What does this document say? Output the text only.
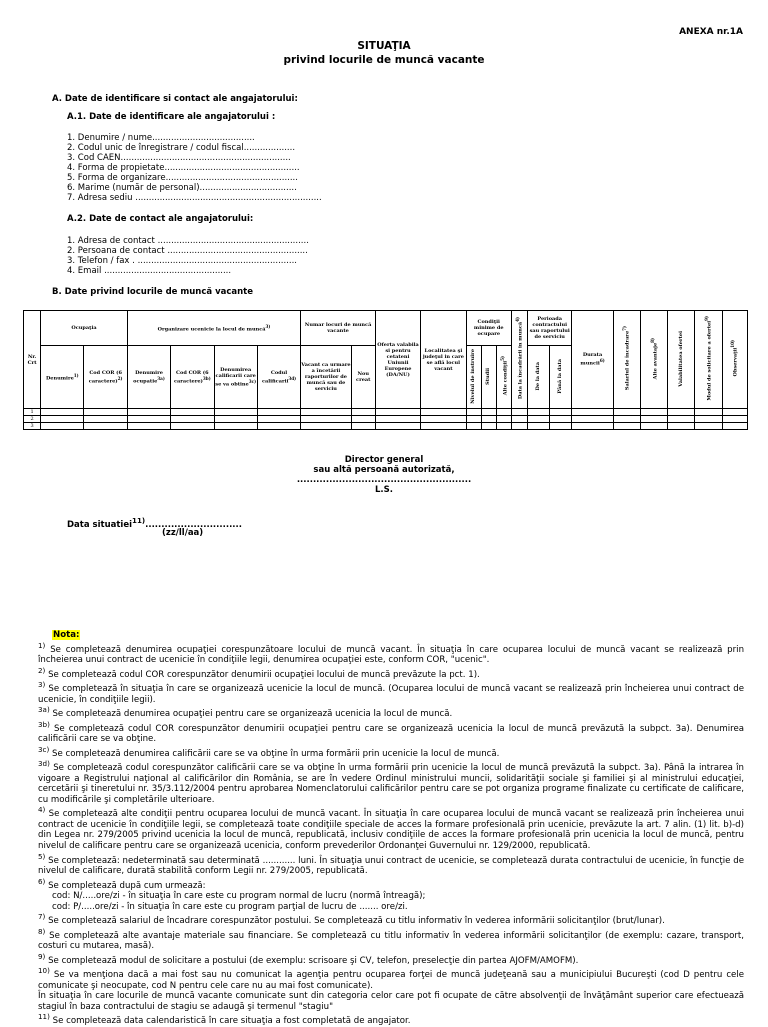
ANEXA nr.1A
SITUAŢIA
privind locurile de muncă vacante
A. Date de identificare si contact ale angajatorului:
A.1. Date de identificare ale angajatorului :
1. Denumire / nume......................................
2. Codul unic de înregistrare / codul fiscal...................
3. Cod CAEN...............................................................
4. Forma de propietate..................................................
5. Forma de organizare.................................................
6. Marime (număr de personal)....................................
7. Adresa sediu .....................................................................
A.2. Date de contact ale angajatorului:
1. Adresa de contact ........................................................
2. Persoana de contact ....................................................
3. Telefon / fax . ...........................................................
4. Email ...............................................
B. Date privind locurile de muncă vacante
Nr. Crt	Ocupaţia		Organizare ucenicie la locul de muncă$^{3)}$				Numar locuri de muncă vacante		Oferta valabila si pentru cetateni Uniunii Europene (DA/NU)	Localitatea şi judeţul in care se află locul vacant	Condiţii minime de ocupare			Data la încadrării in muncă$^{4)}$	Perioada contractului sau raportului de serviciu		Durata muncii$^{6)}$	Salariul de încadrare$^{7)}$	Alte avantaje$^{8)}$	Valabilitatea ofertei	Modul de solicitare a ofertei$^{9)}$	Observaţii$^{10)}$
	Denumire$^{1)}$	Cod COR (6 caractere)$^{2)}$	Denumire ocupatie$^{3a)}$	Cod COR (6 caractere)$^{3b)}$	Denumirea calificarii care se va obtine$^{3c)}$	Codul calificarii$^{3d)}$	Vacant ca urmare a încetării raporturilor de muncă sau de serviciu	Nou creat			Nivelul de instruire	Studii	Alte condiţii$^{5)}$		De la data	Până la data						
1																						
2																						
3																						
Director general
sau altă persoană autorizată,
......................................................
L.S.
Data situatiei$^{11)}$..............................
(zz/ll/aa)

Nota:

$^{1)}$ Se completează denumirea ocupaţiei corespunzătoare locului de muncă vacant. În situaţia în care ocuparea locului de muncă vacant se realizează prin încheierea unui contract de ucenicie în condiţiile legii, denumirea ocupaţiei este, conform COR, "ucenic".

$^{2)}$ Se completează codul COR corespunzător denumirii ocupaţiei locului de muncă prevăzute la pct. 1).

$^{3)}$ Se completează în situaţia în care se organizează ucenicie la locul de muncă. (Ocuparea locului de muncă vacant se realizează prin încheierea unui contract de ucenicie, în condiţiile legii).

$^{3a)}$ Se completează denumirea ocupaţiei pentru care se organizează ucenicia la locul de muncă.

$^{3b)}$ Se completează codul COR corespunzător denumirii ocupaţiei pentru care se organizează ucenicia la locul de muncă prevăzută la subpct. 3a). Denumirea calificării care se va obţine.

$^{3c)}$ Se completează denumirea calificării care se va obţine în urma formării prin ucenicie la locul de muncă.

$^{3d)}$ Se completează codul corespunzător calificării care se va obţine în urma formării prin ucenicie la locul de muncă prevăzută la subpct. 3a). Până la intrarea în vigoare a Registrului naţional al calificărilor din România, se are în vedere Ordinul ministrului muncii, solidarităţii sociale şi familiei şi al ministrului educaţiei, cercetării şi tineretului nr. 35/3.112/2004 pentru aprobarea Nomenclatorului calificărilor pentru care se pot organiza programe finalizate cu certificate de calificare, cu modificările şi completările ulterioare.

$^{4)}$ Se completează alte condiţii pentru ocuparea locului de muncă vacant. În situaţia în care ocuparea locului de muncă vacant se realizează prin încheierea unui contract de ucenicie în condiţiile legii, se completează toate condiţiile speciale de acces la formare profesională prin ucenicie, prevăzute la art. 7 alin. (1) lit. b)-d) din Legea nr. 279/2005 privind ucenicia la locul de muncă, republicată, inclusiv condiţiile de acces la formare profesională prin ucenicia la locul de muncă, pentru nivelul de calificare pentru care se organizează ucenicia, conform prevederilor Ordonanţei Guvernului nr. 129/2000, republicată.

$^{5)}$ Se completează: nedeterminată sau determinată ............ luni. În situaţia unui contract de ucenicie, se completează durata contractului de ucenicie, în funcţie de nivelul de calificare, durată stabilită conform Legii nr. 279/2005, republicată.

$^{6)}$ Se completează după cum urmează:

cod: N/.....ore/zi - în situaţia în care este cu program normal de lucru (normă întreagă);

cod: P/.....ore/zi - în situaţia în care este cu program parţial de lucru de ....... ore/zi.

$^{7)}$ Se completează salariul de încadrare corespunzător postului. Se completează cu titlu informativ în vederea informării solicitanţilor (brut/lunar).

$^{8)}$ Se completează alte avantaje materiale sau financiare. Se completează cu titlu informativ în vederea informării solicitanţilor (de exemplu: cazare, transport, costuri cu mutarea, masă).

$^{9)}$ Se completează modul de solicitare a postului (de exemplu: scrisoare şi CV, telefon, preselecţie din partea AJOFM/AMOFM).

$^{10)}$ Se va menţiona dacă a mai fost sau nu comunicat la agenţia pentru ocuparea forţei de muncă judeţeană sau a municipiului Bucureşti (cod D pentru cele comunicate şi neocupate, cod N pentru cele care nu au mai fost comunicate).

În situaţia în care locurile de muncă vacante comunicate sunt din categoria celor care pot fi ocupate de către absolvenţii de învăţământ superior care efectuează stagiul în baza contractului de stagiu se adaugă şi termenul "stagiu"

$^{11)}$ Se completează data calendaristică în care situaţia a fost completată de angajator.
